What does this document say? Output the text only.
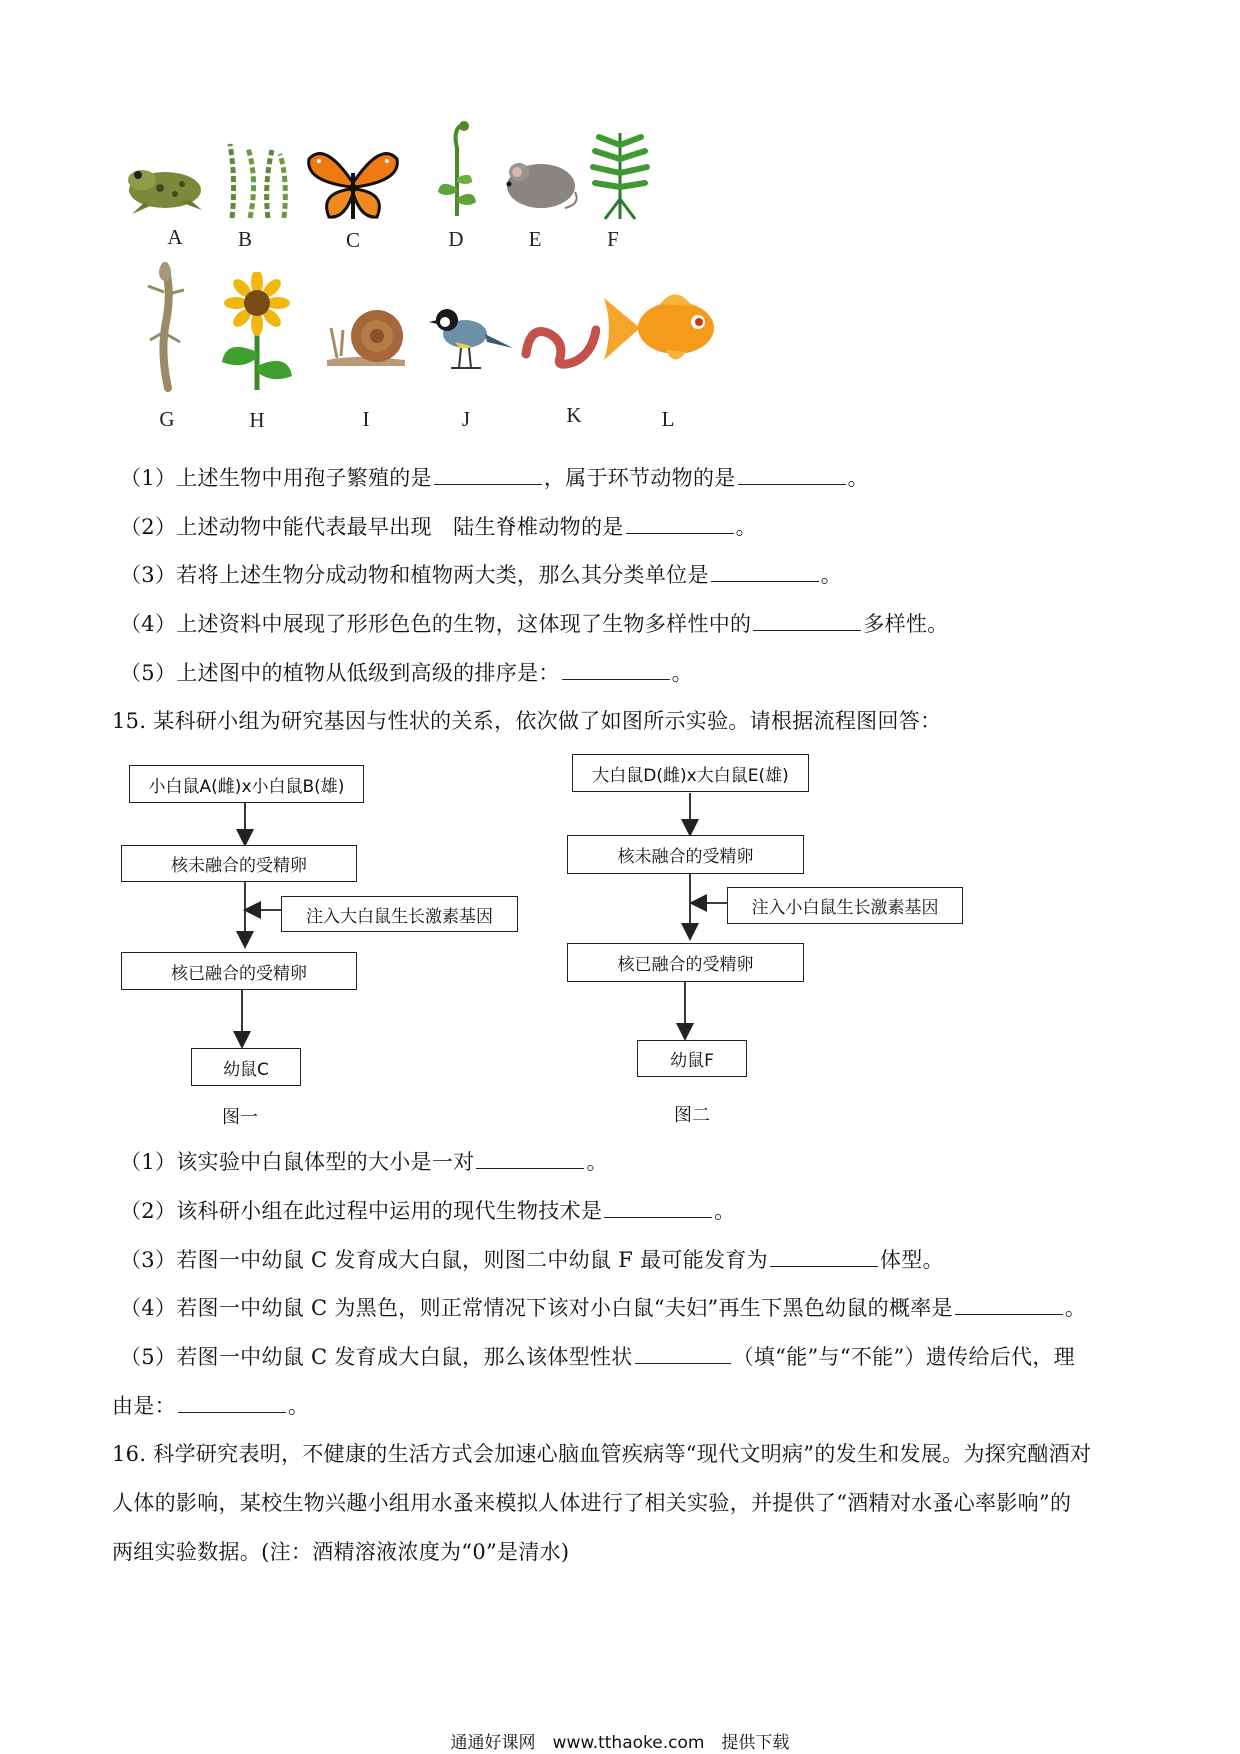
A	B	C	D	E	F
G	H	I	J	K	L
（1）上述生物中用孢子繁殖的是	，属于环节动物的是	。
（2）上述动物中能代表最早出现　陆生脊椎动物的是	。
（3）若将上述生物分成动物和植物两大类，那么其分类单位是	。
（4）上述资料中展现了形形色色的生物，这体现了生物多样性中的	多样性。
（5）上述图中的植物从低级到高级的排序是：	。
15. 某科研小组为研究基因与性状的关系，依次做了如图所示实验。请根据流程图回答：
小白鼠A(雌)x小白鼠B(雄)
核未融合的受精卵
注入大白鼠生长激素基因
核已融合的受精卵
幼鼠C
图一
大白鼠D(雌)x大白鼠E(雄)
核未融合的受精卵
注入小白鼠生长激素基因
核已融合的受精卵
幼鼠F
图二
（1）该实验中白鼠体型的大小是一对	。
（2）该科研小组在此过程中运用的现代生物技术是	。
（3）若图一中幼鼠 C 发育成大白鼠，则图二中幼鼠 F 最可能发育为	体型。
（4）若图一中幼鼠 C 为黑色，则正常情况下该对小白鼠“夫妇”再生下黑色幼鼠的概率是	。
（5）若图一中幼鼠 C 发育成大白鼠，那么该体型性状	（填“能”与“不能”）遗传给后代，理
由是：	。
16. 科学研究表明，不健康的生活方式会加速心脑血管疾病等“现代文明病”的发生和发展。为探究酗酒对
人体的影响，某校生物兴趣小组用水蚤来模拟人体进行了相关实验，并提供了“酒精对水蚤心率影响”的
两组实验数据。(注：酒精溶液浓度为“0”是清水)
通通好课网　www.tthaoke.com　提供下载
